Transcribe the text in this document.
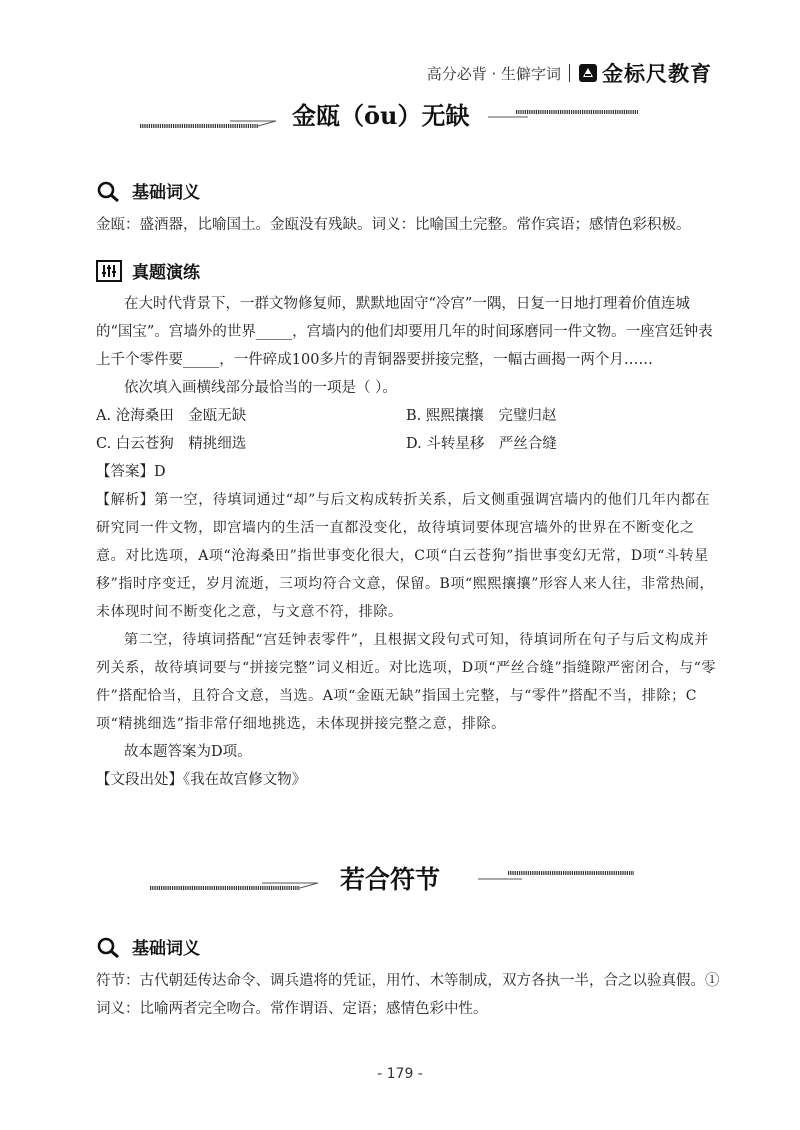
高分必背 · 生僻字词 金标尺教育
金瓯（ōu）无缺
基础词义

金瓯：盛酒器，比喻国土。金瓯没有残缺。词义：比喻国土完整。常作宾语；感情色彩积极。

真题演练

在大时代背景下，一群文物修复师，默默地固守“冷宫”一隅，日复一日地打理着价值连城的“国宝”。宫墙外的世界_____，宫墙内的他们却要用几年的时间琢磨同一件文物。一座宫廷钟表上千个零件要_____，一件碎成100多片的青铜器要拼接完整，一幅古画揭一两个月……

依次填入画横线部分最恰当的一项是（ ）。

A. 沧海桑田　金瓯无缺	B. 熙熙攘攘　完璧归赵
C. 白云苍狗　精挑细选	D. 斗转星移　严丝合缝

【答案】D

【解析】第一空，待填词通过“却”与后文构成转折关系，后文侧重强调宫墙内的他们几年内都在研究同一件文物，即宫墙内的生活一直都没变化，故待填词要体现宫墙外的世界在不断变化之意。对比选项，A项“沧海桑田”指世事变化很大，C项“白云苍狗”指世事变幻无常，D项“斗转星移”指时序变迁，岁月流逝，三项均符合文意，保留。B项“熙熙攘攘”形容人来人往，非常热闹，未体现时间不断变化之意，与文意不符，排除。

第二空，待填词搭配“宫廷钟表零件”，且根据文段句式可知，待填词所在句子与后文构成并列关系，故待填词要与“拼接完整”词义相近。对比选项，D项“严丝合缝”指缝隙严密闭合，与“零件”搭配恰当，且符合文意，当选。A项“金瓯无缺”指国土完整，与“零件”搭配不当，排除；C项“精挑细选”指非常仔细地挑选，未体现拼接完整之意，排除。

故本题答案为D项。

【文段出处】《我在故宫修文物》

若合符节
基础词义

符节：古代朝廷传达命令、调兵遣将的凭证，用竹、木等制成，双方各执一半，合之以验真假。①词义：比喻两者完全吻合。常作谓语、定语；感情色彩中性。

- 179 -
